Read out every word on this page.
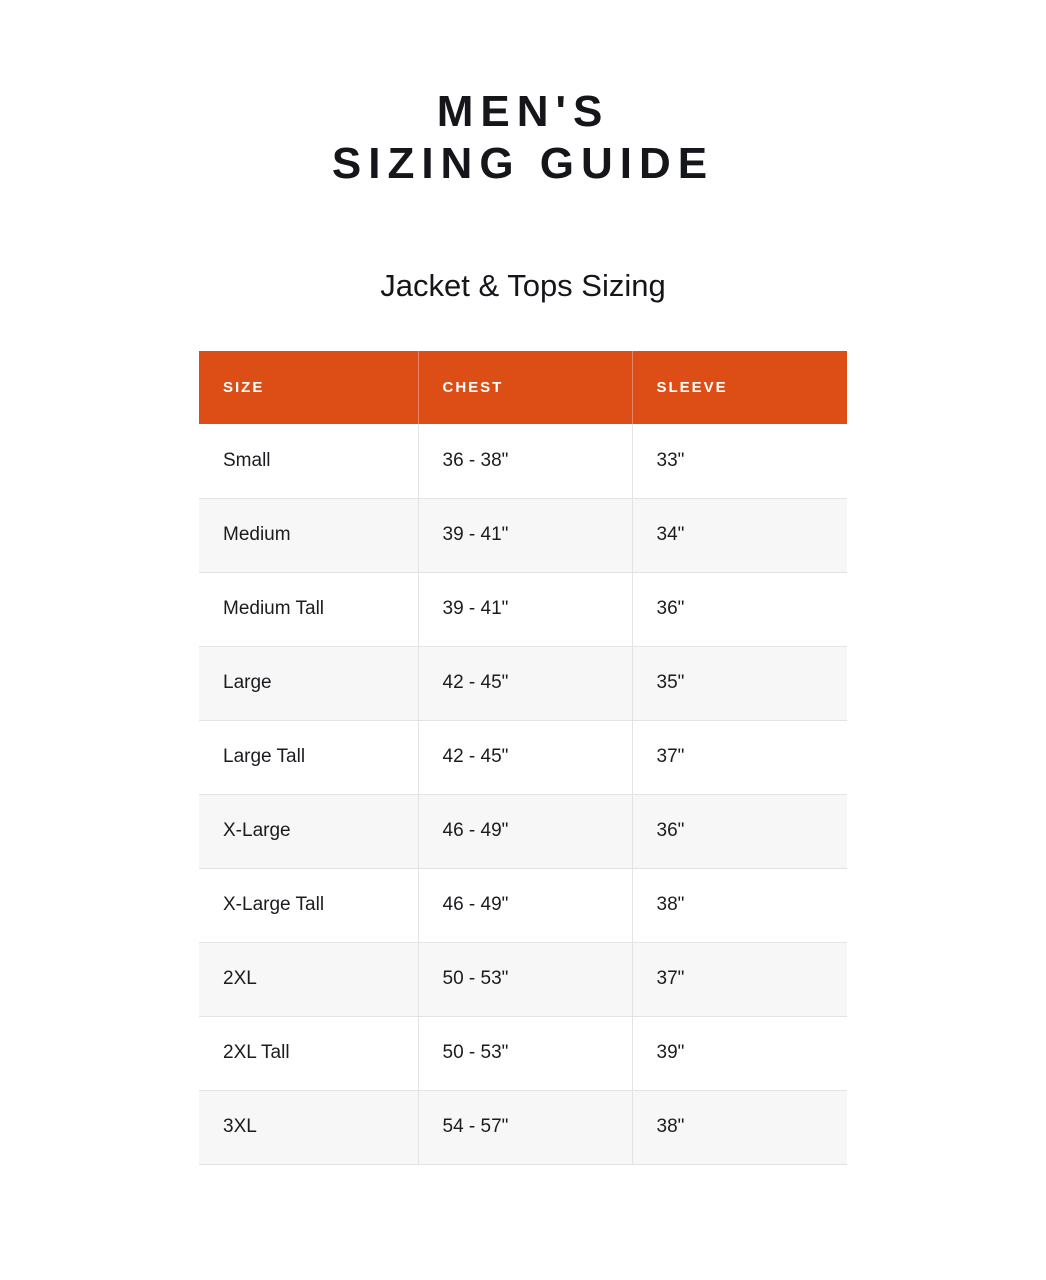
MEN'S
SIZING GUIDE
Jacket & Tops Sizing
SIZE	CHEST	SLEEVE
Small	36 - 38"	33"
Medium	39 - 41"	34"
Medium Tall	39 - 41"	36"
Large	42 - 45"	35"
Large Tall	42 - 45"	37"
X-Large	46 - 49"	36"
X-Large Tall	46 - 49"	38"
2XL	50 - 53"	37"
2XL Tall	50 - 53"	39"
3XL	54 - 57"	38"
